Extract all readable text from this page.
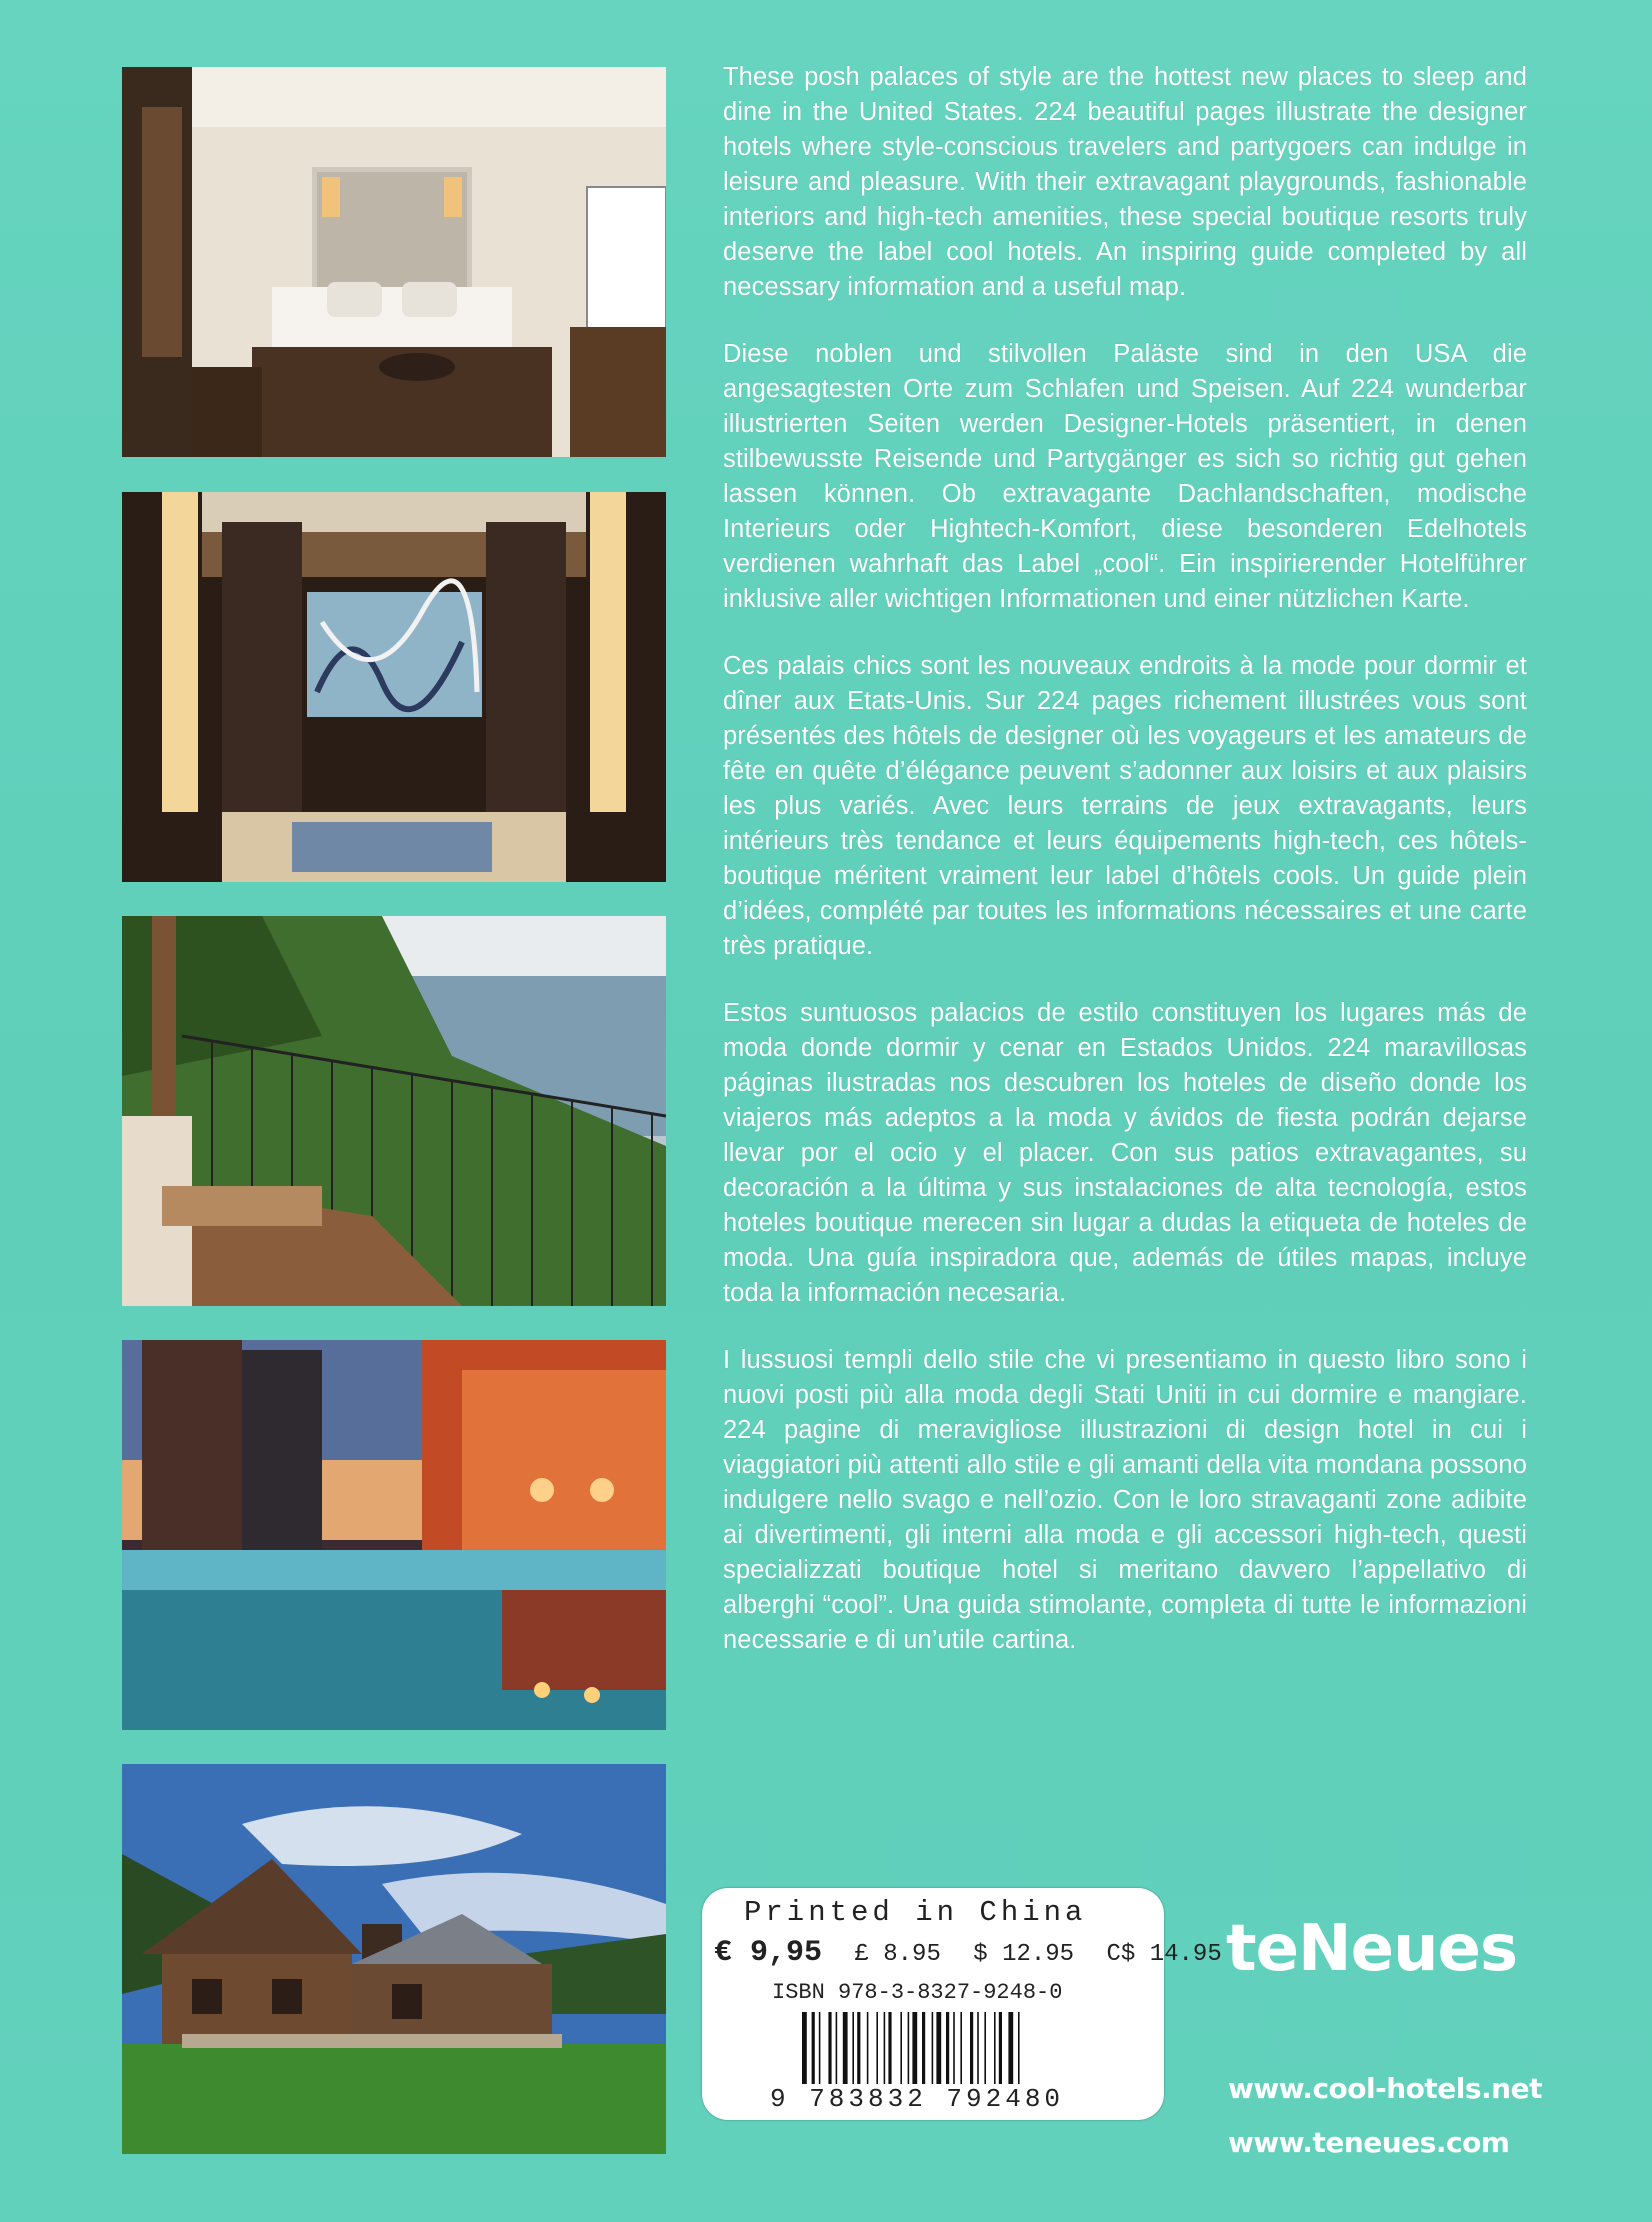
These posh palaces of style are the hottest new places to sleep and dine in the United States. 224 beautiful pages illustrate the designer hotels where style-conscious travelers and partygoers can indulge in leisure and pleasure. With their extravagant playgrounds, fashionable interiors and high-tech amenities, these special boutique resorts truly deserve the label cool hotels. An inspiring guide completed by all necessary information and a useful map.

Diese noblen und stilvollen Paläste sind in den USA die angesagtesten Orte zum Schlafen und Speisen. Auf 224 wunderbar illustrierten Seiten werden Designer-Hotels präsentiert, in denen stilbewusste Reisende und Partygänger es sich so richtig gut gehen lassen können. Ob extravagante Dachlandschaften, modische Interieurs oder Hightech-Komfort, diese besonderen Edelhotels verdienen wahrhaft das Label „cool“. Ein inspirierender Hotelführer inklusive aller wichtigen Informationen und einer nützlichen Karte.

Ces palais chics sont les nouveaux endroits à la mode pour dormir et dîner aux Etats-Unis. Sur 224 pages richement illustrées vous sont présentés des hôtels de designer où les voyageurs et les amateurs de fête en quête d’élégance peuvent s’adonner aux loisirs et aux plaisirs les plus variés. Avec leurs terrains de jeux extravagants, leurs intérieurs très tendance et leurs équipements high-tech, ces hôtels-boutique méritent vraiment leur label d’hôtels cools. Un guide plein d’idées, complété par toutes les informations nécessaires et une carte très pratique.

Estos suntuosos palacios de estilo constituyen los lugares más de moda donde dormir y cenar en Estados Unidos. 224 maravillosas páginas ilustradas nos descubren los hoteles de diseño donde los viajeros más adeptos a la moda y ávidos de fiesta podrán dejarse llevar por el ocio y el placer. Con sus patios extravagantes, su decoración a la última y sus instalaciones de alta tecnología, estos hoteles boutique merecen sin lugar a dudas la etiqueta de hoteles de moda. Una guía inspiradora que, además de útiles mapas, incluye toda la información necesaria.

I lussuosi templi dello stile che vi presentiamo in questo libro sono i nuovi posti più alla moda degli Stati Uniti in cui dormire e mangiare. 224 pagine di meravigliose illustrazioni di design hotel in cui i viaggiatori più attenti allo stile e gli amanti della vita mondana possono indulgere nello svago e nell’ozio. Con le loro stravaganti zone adibite ai divertimenti, gli interni alla moda e gli accessori high-tech, questi specializzati boutique hotel si meritano davvero l’appellativo di alberghi “cool”. Una guida stimolante, completa di tutte le informazioni necessarie e di un’utile cartina.

Printed in China
€ 9,95 £ 8.95 $ 12.95 C$ 14.95
ISBN 978-3-8327-9248-0
9 783832 792480
teNeues
www.cool-hotels.net
www.teneues.com
